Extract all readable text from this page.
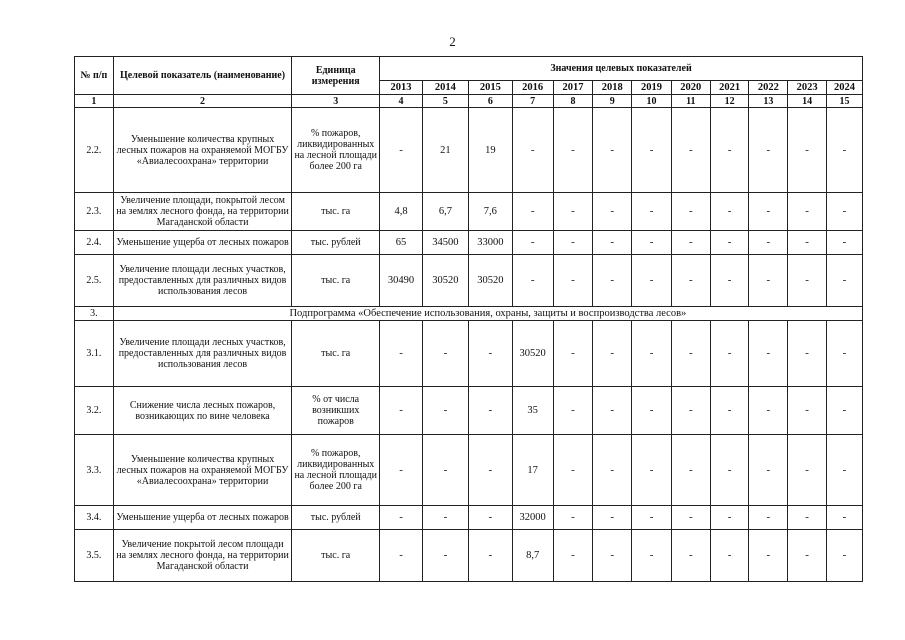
2
№ п/п	Целевой показатель (наименование)	Единица измерения	Значения целевых показателей											
			2013	2014	2015	2016	2017	2018	2019	2020	2021	2022	2023	2024
1	2	3	4	5	6	7	8	9	10	11	12	13	14	15
2.2.	Уменьшение количества крупных лесных пожаров на охраняемой МОГБУ «Авиалесоохрана» территории	% пожаров, ликвидированных на лесной площади более 200 га	-	21	19	-	-	-	-	-	-	-	-	-
2.3.	Увеличение площади, покрытой лесом на землях лесного фонда, на территории Магаданской области	тыс. га	4,8	6,7	7,6	-	-	-	-	-	-	-	-	-
2.4.	Уменьшение ущерба от лесных пожаров	тыс. рублей	65	34500	33000	-	-	-	-	-	-	-	-	-
2.5.	Увеличение площади лесных участков, предоставленных для различных видов использования лесов	тыс. га	30490	30520	30520	-	-	-	-	-	-	-	-	-
3.	Подпрограмма «Обеспечение использования, охраны, защиты и воспроизводства лесов»													
3.1.	Увеличение площади лесных участков, предоставленных для различных видов использования лесов	тыс. га	-	-	-	30520	-	-	-	-	-	-	-	-
3.2.	Снижение числа лесных пожаров, возникающих по вине человека	% от числа возникших пожаров	-	-	-	35	-	-	-	-	-	-	-	-
3.3.	Уменьшение количества крупных лесных пожаров на охраняемой МОГБУ «Авиалесоохрана» территории	% пожаров, ликвидированных на лесной площади более 200 га	-	-	-	17	-	-	-	-	-	-	-	-
3.4.	Уменьшение ущерба от лесных пожаров	тыс. рублей	-	-	-	32000	-	-	-	-	-	-	-	-
3.5.	Увеличение покрытой лесом площади на землях лесного фонда, на территории Магаданской области	тыс. га	-	-	-	8,7	-	-	-	-	-	-	-	-
